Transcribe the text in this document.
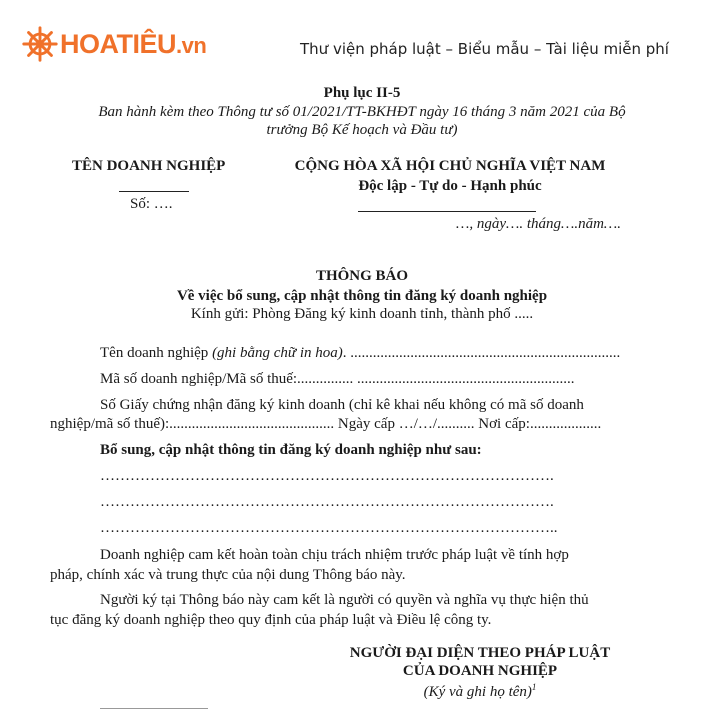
HOATIÊU.vn	Thư viện pháp luật – Biểu mẫu – Tài liệu miễn phí
Phụ lục II-5
Ban hành kèm theo Thông tư số 01/2021/TT-BKHĐT ngày 16 tháng 3 năm 2021 của Bộ
trưởng Bộ Kế hoạch và Đầu tư)
TÊN DOANH NGHIỆP
Số: ….
CỘNG HÒA XÃ HỘI CHỦ NGHĨA VIỆT NAM
Độc lập - Tự do - Hạnh phúc
…, ngày…. tháng….năm….
THÔNG BÁO
Về việc bổ sung, cập nhật thông tin đăng ký doanh nghiệp
Kính gửi: Phòng Đăng ký kinh doanh tỉnh, thành phố .....
Tên doanh nghiệp (ghi bằng chữ in hoa). ........................................................................
Mã số doanh nghiệp/Mã số thuế:............... ..........................................................
Số Giấy chứng nhận đăng ký kinh doanh (chỉ kê khai nếu không có mã số doanh
nghiệp/mã số thuế):............................................ Ngày cấp …/…/.......... Nơi cấp:...................
Bổ sung, cập nhật thông tin đăng ký doanh nghiệp như sau:
……………………………………………………………………………….
……………………………………………………………………………….
………………………………………………………………………………..
Doanh nghiệp cam kết hoàn toàn chịu trách nhiệm trước pháp luật về tính hợp
pháp, chính xác và trung thực của nội dung Thông báo này.
Người ký tại Thông báo này cam kết là người có quyền và nghĩa vụ thực hiện thủ
tục đăng ký doanh nghiệp theo quy định của pháp luật và Điều lệ công ty.
NGƯỜI ĐẠI DIỆN THEO PHÁP LUẬT
CỦA DOANH NGHIỆP
(Ký và ghi họ tên)$^1$
